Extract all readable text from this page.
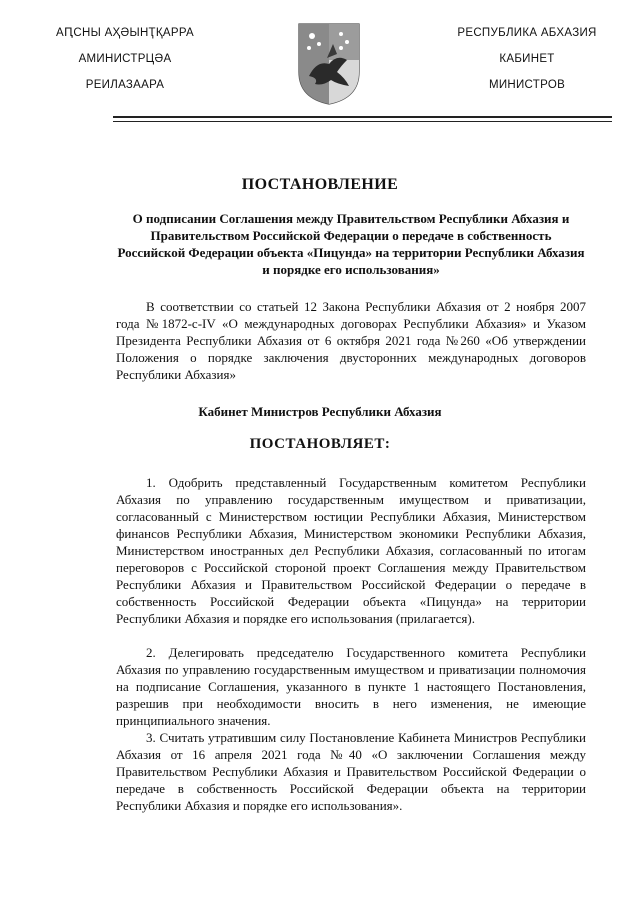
АԤСНЫ АҲӘЫНҬҚАРРА
АМИНИСТРЦӘА
РЕИЛАЗААРА
РЕСПУБЛИКА АБХАЗИЯ
КАБИНЕТ
МИНИСТРОВ
ПОСТАНОВЛЕНИЕ
О подписании Соглашения между Правительством Республики Абхазия и Правительством Российской Федерации о передаче в собственность Российской Федерации объекта «Пицунда» на территории Республики Абхазия и порядке его использования»

В соответствии со статьей 12 Закона Республики Абхазия от 2 ноября 2007 года №1872-с-IV «О международных договорах Республики Абхазия» и Указом Президента Республики Абхазия от 6 октября 2021 года №260 «Об утверждении Положения о порядке заключения двусторонних международных договоров Республики Абхазия»

Кабинет Министров Республики Абхазия
ПОСТАНОВЛЯЕТ:

1. Одобрить представленный Государственным комитетом Республики Абхазия по управлению государственным имуществом и приватизации, согласованный с Министерством юстиции Республики Абхазия, Министерством финансов Республики Абхазия, Министерством экономики Республики Абхазия, Министерством иностранных дел Республики Абхазия, согласованный по итогам переговоров с Российской стороной проект Соглашения между Правительством Республики Абхазия и Правительством Российской Федерации о передаче в собственность Российской Федерации объекта «Пицунда» на территории Республики Абхазия и порядке его использования (прилагается).

2. Делегировать председателю Государственного комитета Республики Абхазия по управлению государственным имуществом и приватизации полномочия на подписание Соглашения, указанного в пункте 1 настоящего Постановления, разрешив при необходимости вносить в него изменения, не имеющие принципиального значения.

3. Считать утратившим силу Постановление Кабинета Министров Республики Абхазия от 16 апреля 2021 года №40 «О заключении Соглашения между Правительством Республики Абхазия и Правительством Российской Федерации о передаче в собственность Российской Федерации объекта на территории Республики Абхазия и порядке его использования».
